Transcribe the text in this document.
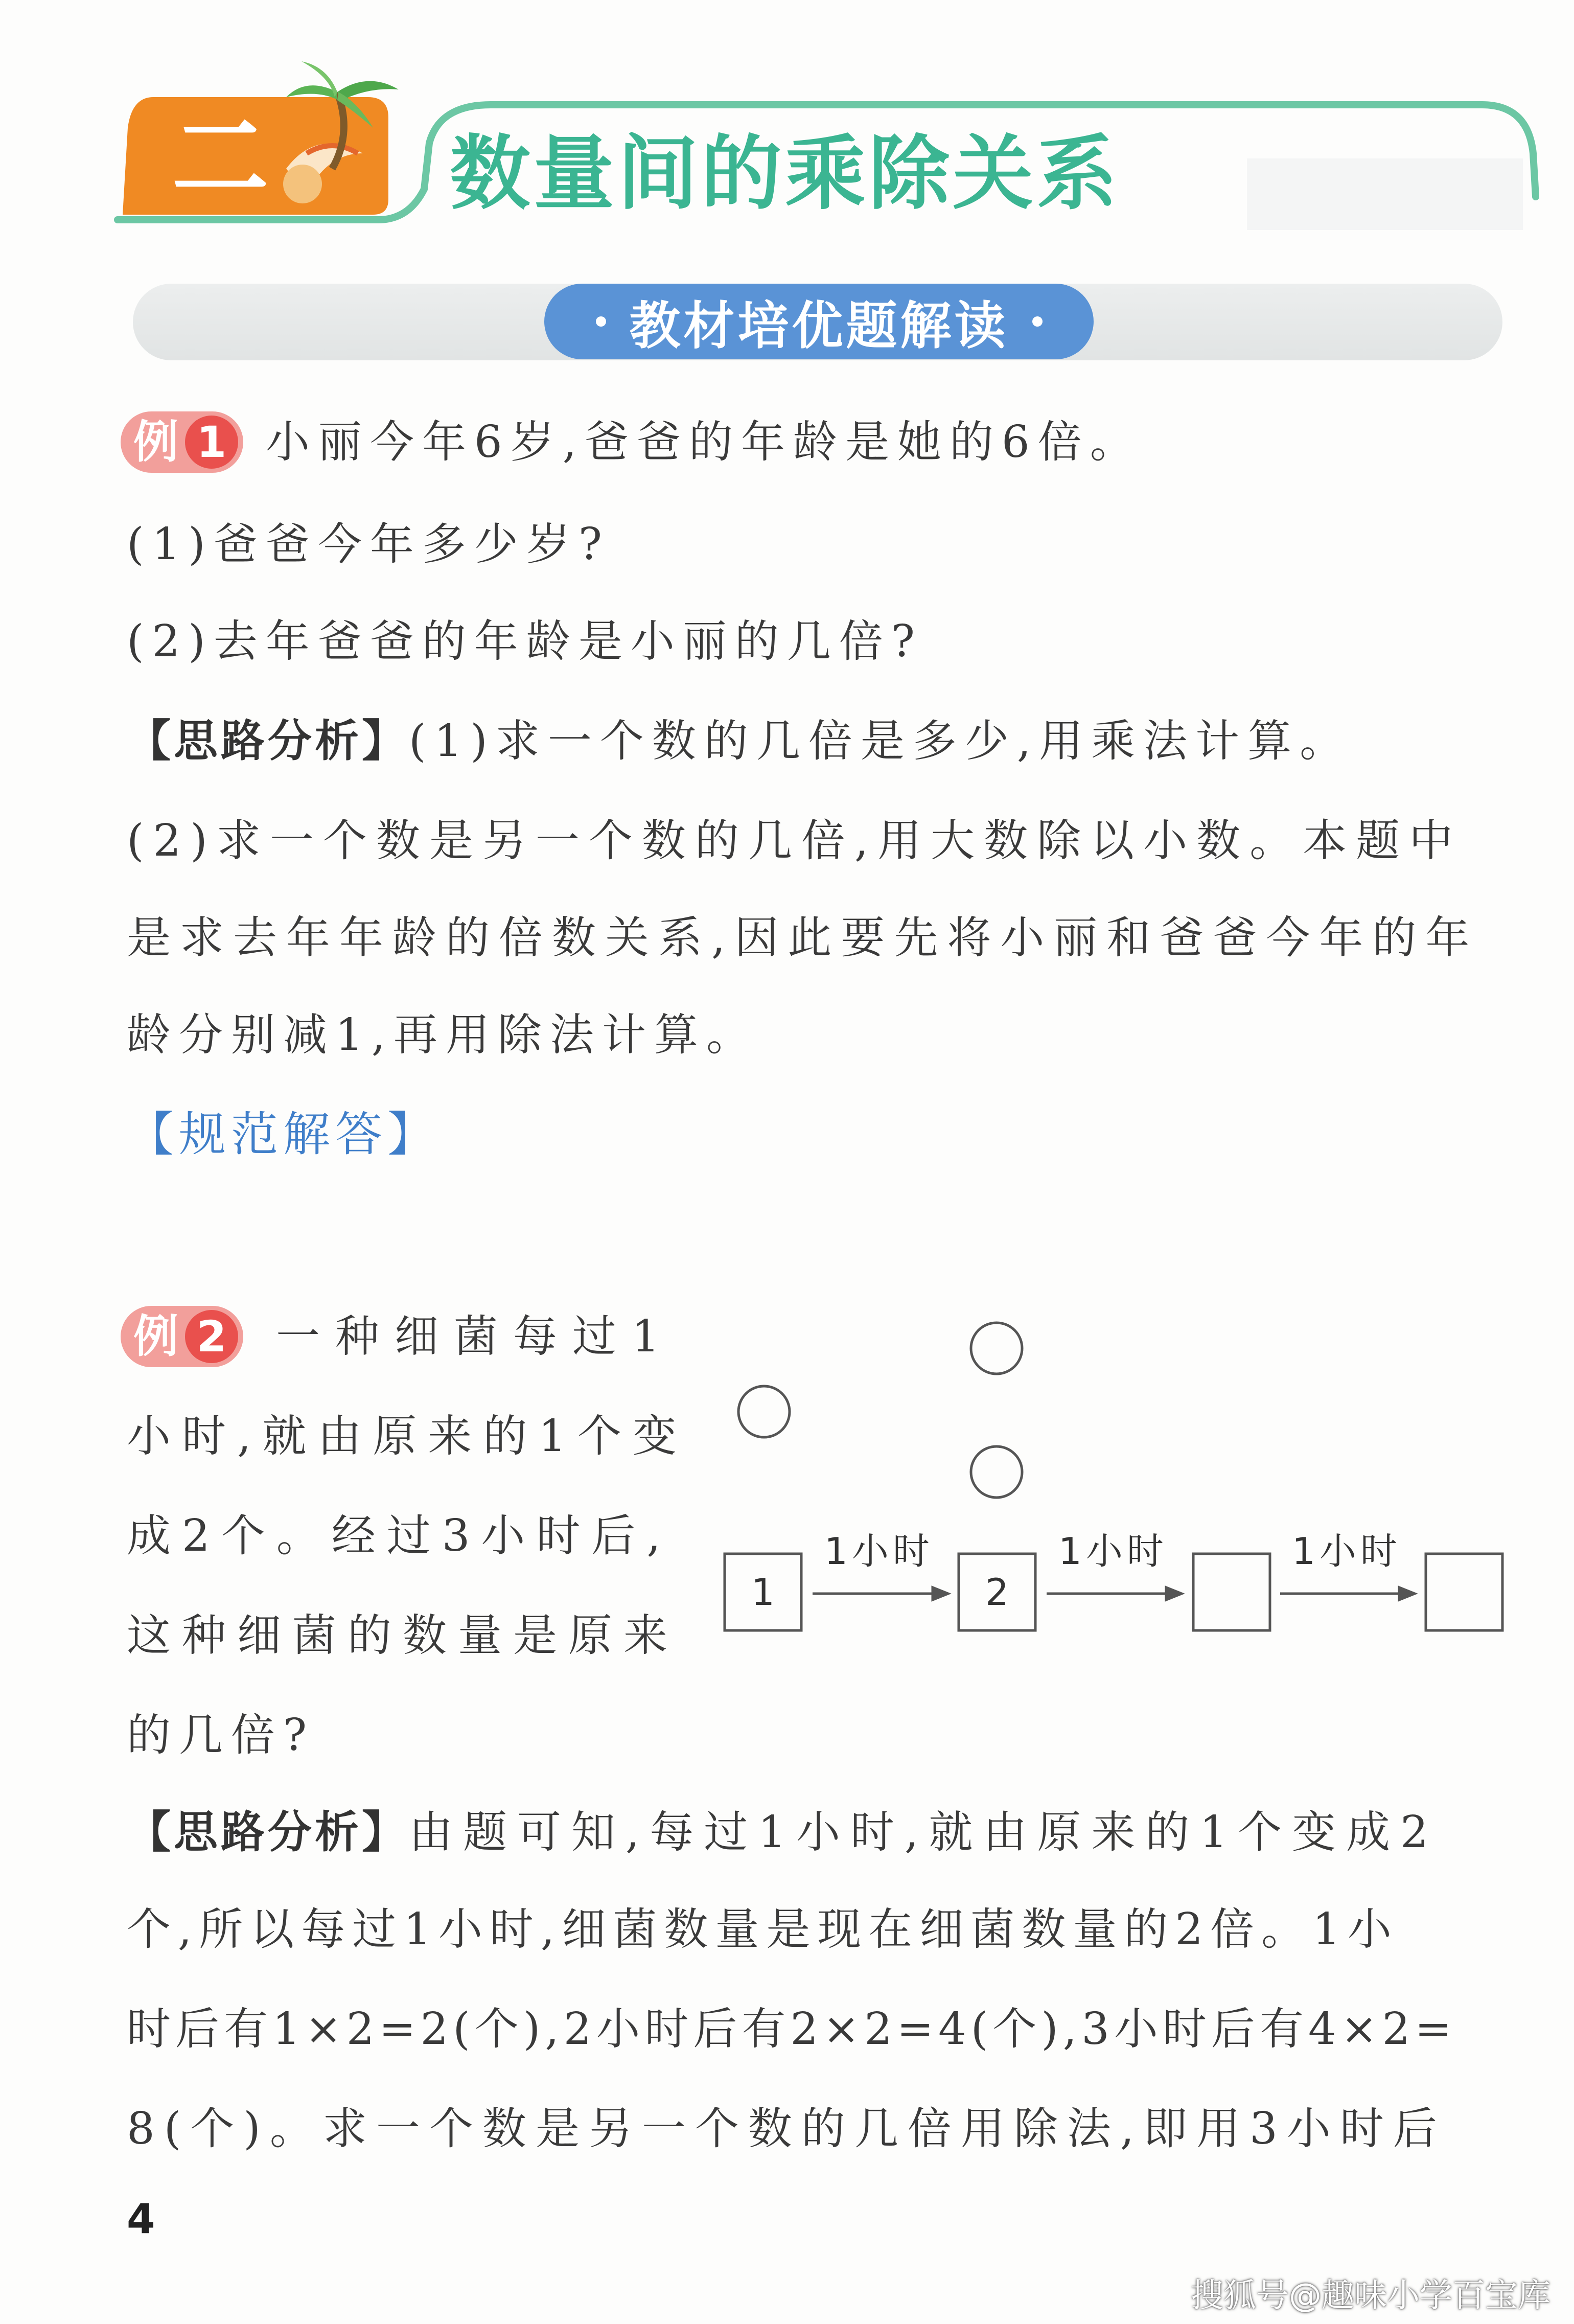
二 数量间的乘除关系
教材培优题解读
例 1 小丽今年6岁,爸爸的年龄是她的6倍。
(1)爸爸今年多少岁?
(2)去年爸爸的年龄是小丽的几倍?
【思路分析】(1)求一个数的几倍是多少,用乘法计算。
(2)求一个数是另一个数的几倍,用大数除以小数。本题中
是求去年年龄的倍数关系,因此要先将小丽和爸爸今年的年
龄分别减1,再用除法计算。
【规范解答】
例 2 一种细菌每过1
小时,就由原来的1个变
成2个。经过3小时后,
这种细菌的数量是原来
的几倍?
1	2
1小时	1小时	1小时
【思路分析】由题可知,每过1小时,就由原来的1个变成2
个,所以每过1小时,细菌数量是现在细菌数量的2倍。1小
时后有1×2=2(个),2小时后有2×2=4(个),3小时后有4×2=
8(个)。求一个数是另一个数的几倍用除法,即用3小时后
4
搜狐号@趣味小学百宝库
